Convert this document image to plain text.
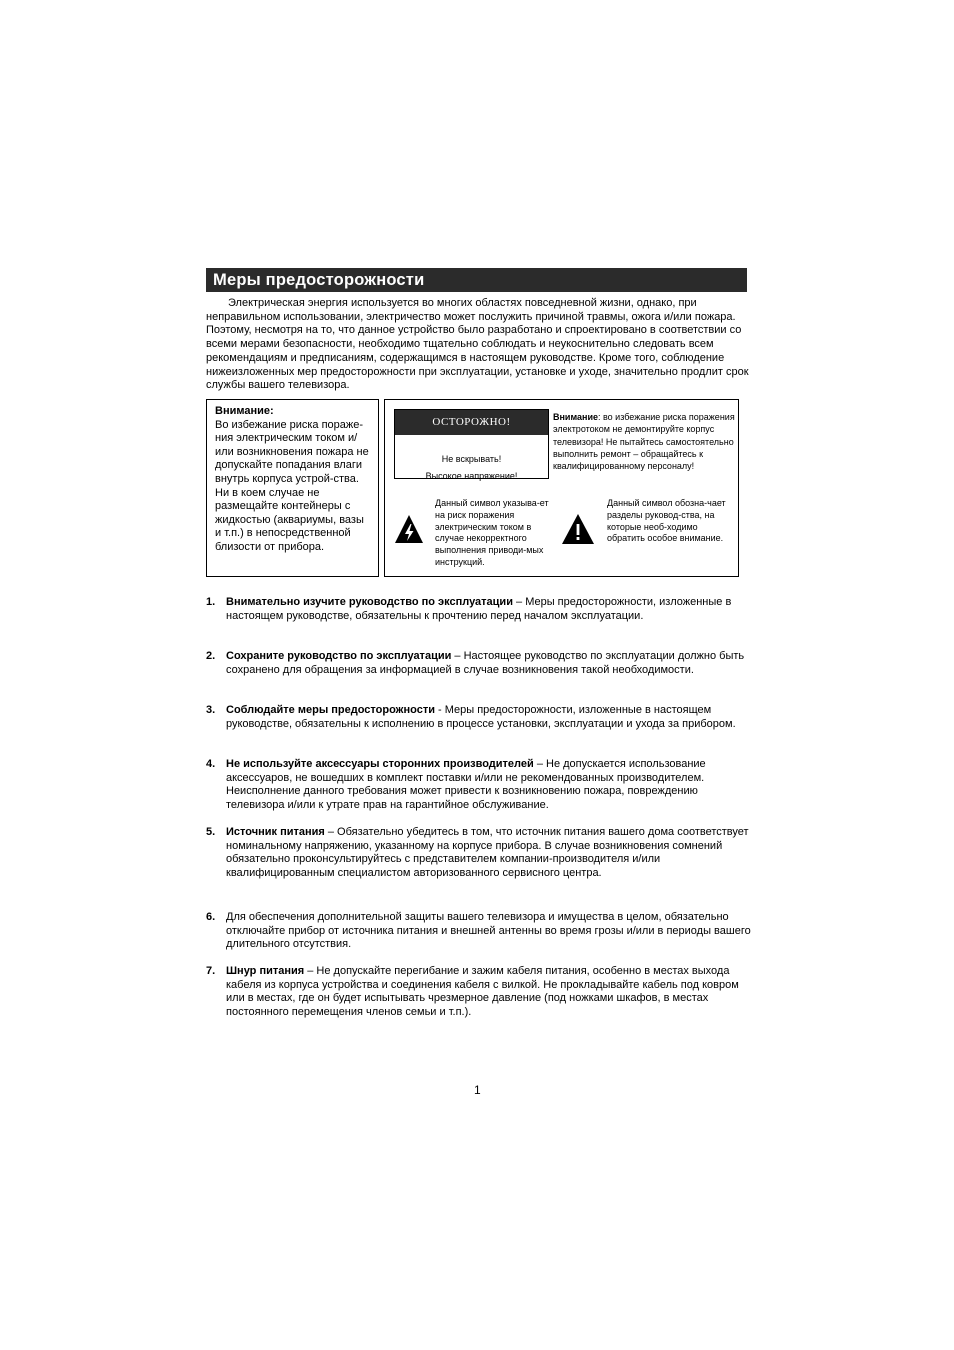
Меры предосторожности

Электрическая энергия используется во многих областях повседневной жизни, однако, при неправильном использовании, электричество может послужить причиной травмы, ожога и/или пожара. Поэтому, несмотря на то, что данное устройство было разработано и спроектировано в соответствии со всеми мерами безопасности, необходимо тщательно соблюдать и неукоснительно следовать всем рекомендациям и предписаниям, содержащимся в настоящем руководстве. Кроме того, соблюдение нижеизложенных мер предосторожности при эксплуатации, установке и уходе, значительно продлит срок службы вашего телевизора.

Внимание:
Во избежание риска пораже-ния электрическим током и/или возникновения пожара не допускайте попадания влаги внутрь корпуса устрой-ства. Ни в коем случае не размещайте контейнеры с жидкостью (аквариумы, вазы и т.п.) в непосредственной близости от прибора.
ОСТОРОЖНО!
Не вскрывать!
Высокое напряжение!
Внимание: во избежание риска поражения электротоком не демонтируйте корпус телевизора! Не пытайтесь самостоятельно выполнить ремонт – обращайтесь к квалифицированному персоналу!
Данный символ указыва-ет на риск поражения электрическим током в случае некорректного выполнения приводи-мых инструкций.
Данный символ обозна-чает разделы руковод-ства, на которые необ-ходимо обратить особое внимание.
1. Внимательно изучите руководство по эксплуатации – Меры предосторожности, изложенные в настоящем руководстве, обязательны к прочтению перед началом эксплуатации.
2. Сохраните руководство по эксплуатации – Настоящее руководство по эксплуатации должно быть сохранено для обращения за информацией в случае возникновения такой необходимости.
3. Соблюдайте меры предосторожности - Меры предосторожности, изложенные в настоящем руководстве, обязательны к исполнению в процессе установки, эксплуатации и ухода за прибором.
4. Не используйте аксессуары сторонних производителей – Не допускается использование аксессуаров, не вошедших в комплект поставки и/или не рекомендованных производителем. Неисполнение данного требования может привести к возникновению пожара, повреждению телевизора и/или к утрате прав на гарантийное обслуживание.
5. Источник питания – Обязательно убедитесь в том, что источник питания вашего дома соответствует номинальному напряжению, указанному на корпусе прибора. В случае возникновения сомнений обязательно проконсультируйтесь с представителем компании-производителя и/или квалифицированным специалистом авторизованного сервисного центра.
6. Для обеспечения дополнительной защиты вашего телевизора и имущества в целом, обязательно отключайте прибор от источника питания и внешней антенны во время грозы и/или в периоды вашего длительного отсутствия.
7. Шнур питания – Не допускайте перегибание и зажим кабеля питания, особенно в местах выхода кабеля из корпуса устройства и соединения кабеля с вилкой. Не прокладывайте кабель под ковром или в местах, где он будет испытывать чрезмерное давление (под ножками шкафов, в местах постоянного перемещения членов семьи и т.п.).
1
